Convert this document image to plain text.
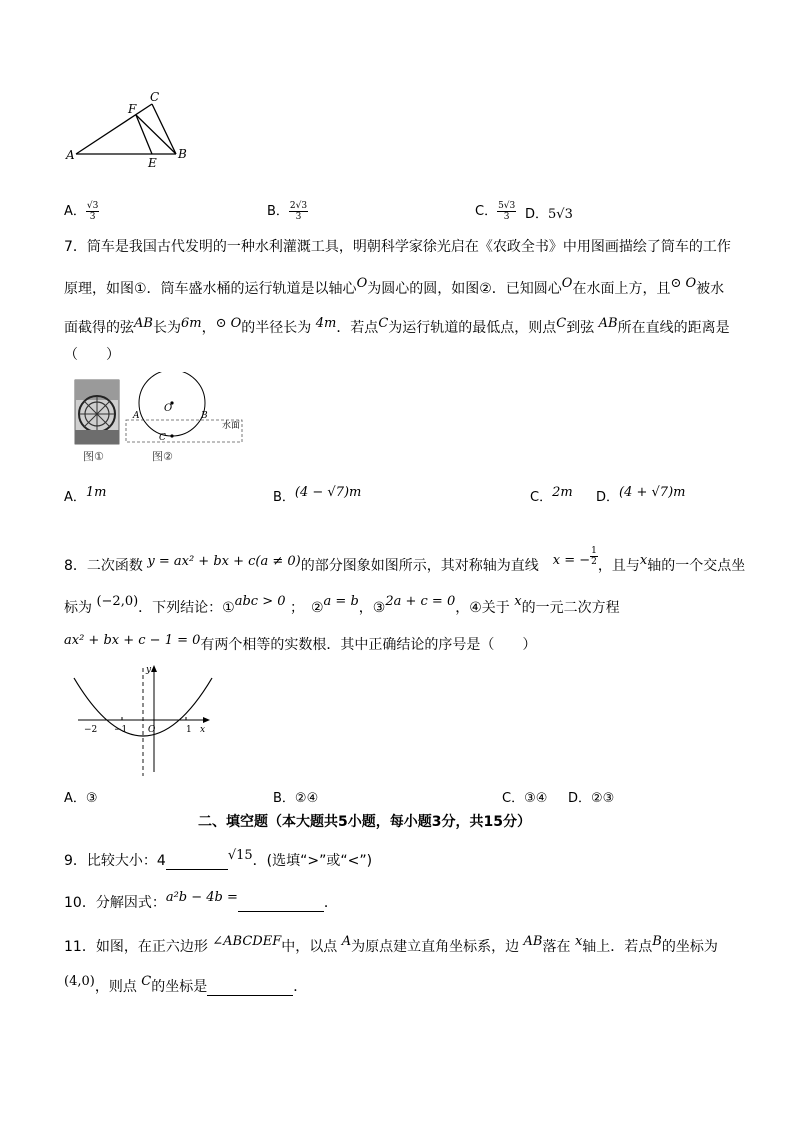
F
C
A
E
B
A． $\frac{√3}{3}$	B． $\frac{2√3}{3}$	C． $\frac{5√3}{3}$ D．5√3
7．筒车是我国古代发明的一种水利灌溉工具，明朝科学家徐光启在《农政全书》中用图画描绘了筒车的工作
原理，如图①．筒车盛水桶的运行轨道是以轴心O为圆心的圆，如图②．已知圆心O在水面上方，且⊙ O被水
面截得的弦AB长为6m，⊙ O的半径长为 4m．若点C为运行轨道的最低点，则点C到弦 AB所在直线的距离是
（　　）
图①
O
A	B
C
水面
图②
A．1m	B．(4 − √7)m	C．2m D．(4 + √7)m
8．二次函数 y = ax² + bx + c(a ≠ 0)的部分图象如图所示，其对称轴为直线　 x = − $\frac{1}{2}$ ，且与x轴的一个交点坐
标为 (−2,0)．下列结论：①abc > 0 ；　 ②a = b，③2a + c = 0，④关于 x的一元二次方程
ax² + bx + c − 1 = 0有两个相等的实数根．其中正确结论的序号是（　　）
y
x
O
−2 −1	1
A．③	B．②④	C．③④ D．②③
二、填空题（本大题共5小题，每小题3分，共15分）
9．比较大小：4	√15．(选填“>”或“<”)
10．分解因式：a²b − 4b =	．
11．如图，在正六边形 ∠ABCDEF中，以点 A为原点建立直角坐标系，边 AB落在 x轴上．若点B的坐标为
(4,0)，则点 C的坐标是	．
